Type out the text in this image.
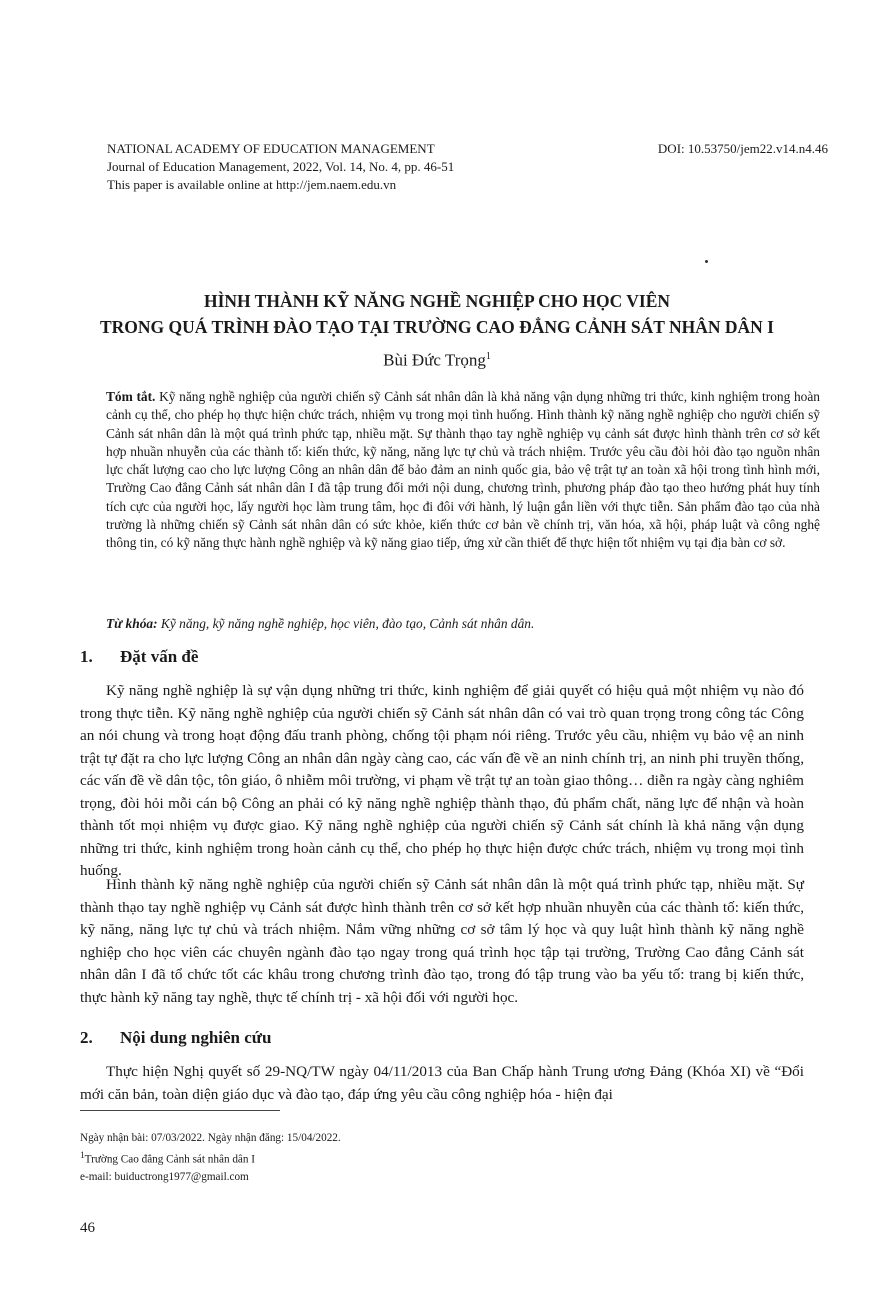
NATIONAL ACADEMY OF EDUCATION MANAGEMENT
Journal of Education Management, 2022, Vol. 14, No. 4, pp. 46-51
This paper is available online at http://jem.naem.edu.vn
DOI: 10.53750/jem22.v14.n4.46
HÌNH THÀNH KỸ NĂNG NGHỀ NGHIỆP CHO HỌC VIÊN
TRONG QUÁ TRÌNH ĐÀO TẠO TẠI TRƯỜNG CAO ĐẲNG CẢNH SÁT NHÂN DÂN I
Bùi Đức Trọng$^1$
Tóm tắt. Kỹ năng nghề nghiệp của người chiến sỹ Cảnh sát nhân dân là khả năng vận dụng những tri thức, kinh nghiệm trong hoàn cảnh cụ thể, cho phép họ thực hiện chức trách, nhiệm vụ trong mọi tình huống. Hình thành kỹ năng nghề nghiệp cho người chiến sỹ Cảnh sát nhân dân là một quá trình phức tạp, nhiều mặt. Sự thành thạo tay nghề nghiệp vụ cảnh sát được hình thành trên cơ sở kết hợp nhuần nhuyễn của các thành tố: kiến thức, kỹ năng, năng lực tự chủ và trách nhiệm. Trước yêu cầu đòi hỏi đào tạo nguồn nhân lực chất lượng cao cho lực lượng Công an nhân dân để bảo đảm an ninh quốc gia, bảo vệ trật tự an toàn xã hội trong tình hình mới, Trường Cao đẳng Cảnh sát nhân dân I đã tập trung đổi mới nội dung, chương trình, phương pháp đào tạo theo hướng phát huy tính tích cực của người học, lấy người học làm trung tâm, học đi đôi với hành, lý luận gắn liền với thực tiễn. Sản phẩm đào tạo của nhà trường là những chiến sỹ Cảnh sát nhân dân có sức khỏe, kiến thức cơ bản về chính trị, văn hóa, xã hội, pháp luật và công nghệ thông tin, có kỹ năng thực hành nghề nghiệp và kỹ năng giao tiếp, ứng xử cần thiết để thực hiện tốt nhiệm vụ tại địa bàn cơ sở.
Từ khóa: Kỹ năng, kỹ năng nghề nghiệp, học viên, đào tạo, Cảnh sát nhân dân.
1. Đặt vấn đề
Kỹ năng nghề nghiệp là sự vận dụng những tri thức, kinh nghiệm để giải quyết có hiệu quả một nhiệm vụ nào đó trong thực tiễn. Kỹ năng nghề nghiệp của người chiến sỹ Cảnh sát nhân dân có vai trò quan trọng trong công tác Công an nói chung và trong hoạt động đấu tranh phòng, chống tội phạm nói riêng. Trước yêu cầu, nhiệm vụ bảo vệ an ninh trật tự đặt ra cho lực lượng Công an nhân dân ngày càng cao, các vấn đề về an ninh chính trị, an ninh phi truyền thống, các vấn đề về dân tộc, tôn giáo, ô nhiễm môi trường, vi phạm về trật tự an toàn giao thông… diễn ra ngày càng nghiêm trọng, đòi hỏi mỗi cán bộ Công an phải có kỹ năng nghề nghiệp thành thạo, đủ phẩm chất, năng lực để nhận và hoàn thành tốt mọi nhiệm vụ được giao. Kỹ năng nghề nghiệp của người chiến sỹ Cảnh sát chính là khả năng vận dụng những tri thức, kinh nghiệm trong hoàn cảnh cụ thể, cho phép họ thực hiện được chức trách, nhiệm vụ trong mọi tình huống.
Hình thành kỹ năng nghề nghiệp của người chiến sỹ Cảnh sát nhân dân là một quá trình phức tạp, nhiều mặt. Sự thành thạo tay nghề nghiệp vụ Cảnh sát được hình thành trên cơ sở kết hợp nhuần nhuyễn của các thành tố: kiến thức, kỹ năng, năng lực tự chủ và trách nhiệm. Nắm vững những cơ sở tâm lý học và quy luật hình thành kỹ năng nghề nghiệp cho học viên các chuyên ngành đào tạo ngay trong quá trình học tập tại trường, Trường Cao đẳng Cảnh sát nhân dân I đã tổ chức tốt các khâu trong chương trình đào tạo, trong đó tập trung vào ba yếu tố: trang bị kiến thức, thực hành kỹ năng tay nghề, thực tế chính trị - xã hội đối với người học.
2. Nội dung nghiên cứu
Thực hiện Nghị quyết số 29-NQ/TW ngày 04/11/2013 của Ban Chấp hành Trung ương Đảng (Khóa XI) về “Đổi mới căn bản, toàn diện giáo dục và đào tạo, đáp ứng yêu cầu công nghiệp hóa - hiện đại
Ngày nhận bài: 07/03/2022. Ngày nhận đăng: 15/04/2022.
$^1$Trường Cao đẳng Cảnh sát nhân dân I
e-mail: buiductrong1977@gmail.com
46
